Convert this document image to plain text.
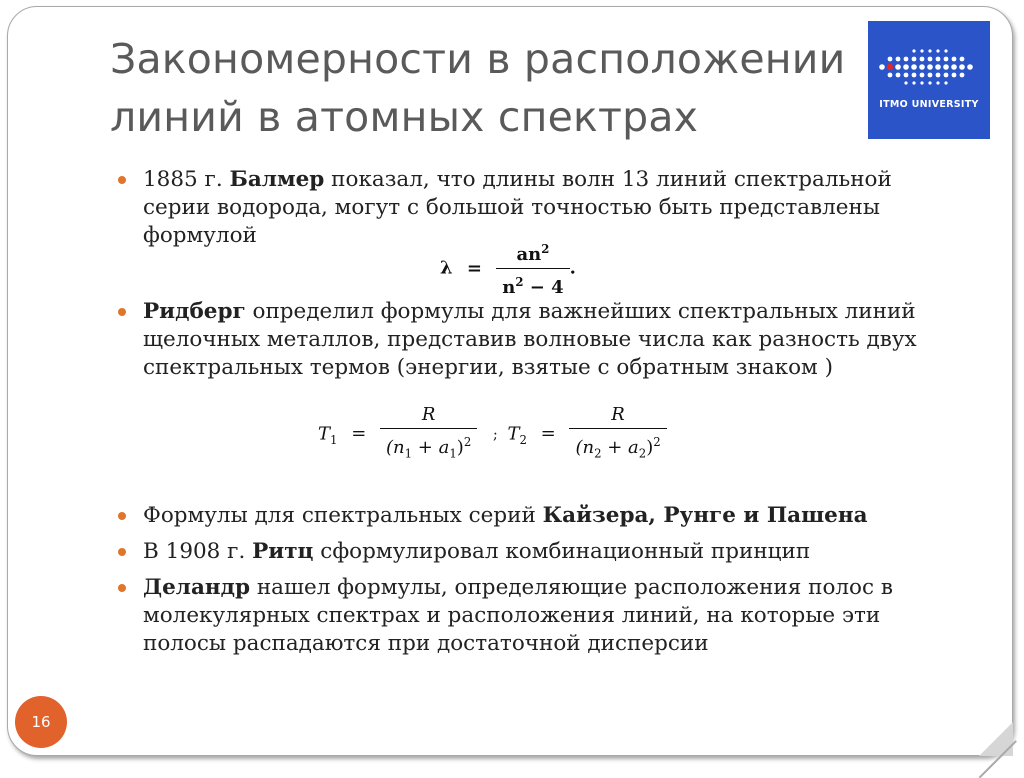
Закономерности в расположении
линий в атомных спектрах	ITMO UNIVERSITY

1885 г. Балмер показал, что длины волн 13 линий спектральной серии водорода, могут с большой точностью быть представлены формулой

Ридберг определил формулы для важнейших спектральных линий щелочных металлов, представив волновые числа как разность двух спектральных термов (энергии, взятые с обратным знаком )

Формулы для спектральных серий Кайзера, Рунге и Пашена

В 1908 г. Ритц сформулировал комбинационный принцип

Деландр нашел формулы, определяющие расположения полос в молекулярных спектрах и расположения линий, на которые эти полосы распадаются при достаточной дисперсии

$\lambda = \frac{an^2}{n^2 - 4}$ .
$T_1 = \frac{R}{(n_1 + a_1)^2}$ ; $T_2 = \frac{R}{(n_2 + a_2)^2}$
16
